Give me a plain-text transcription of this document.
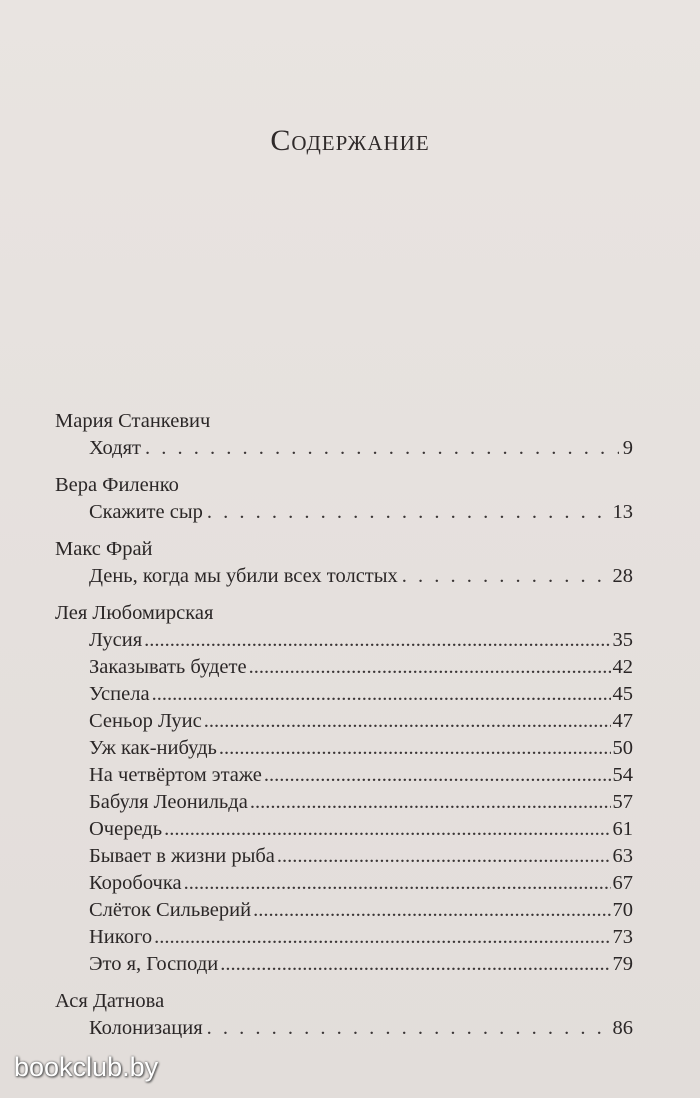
Содержание
Мария Станкевич
Ходят . . .	9
Вера Филенко
Скажите сыр . . .	13
Макс Фрай
День, когда мы убили всех толстых . . .	28
Лея Любомирская
Лусия .....	35
Заказывать будете .....	42
Успела .....	45
Сеньор Луис .....	47
Уж как-нибудь .....	50
На четвёртом этаже .....	54
Бабуля Леонильда .....	57
Очередь .....	61
Бывает в жизни рыба .....	63
Коробочка .....	67
Слёток Сильверий .....	70
Никого .....	73
Это я, Господи .....	79
Ася Датнова
Колонизация . . .	86
bookclub.by
